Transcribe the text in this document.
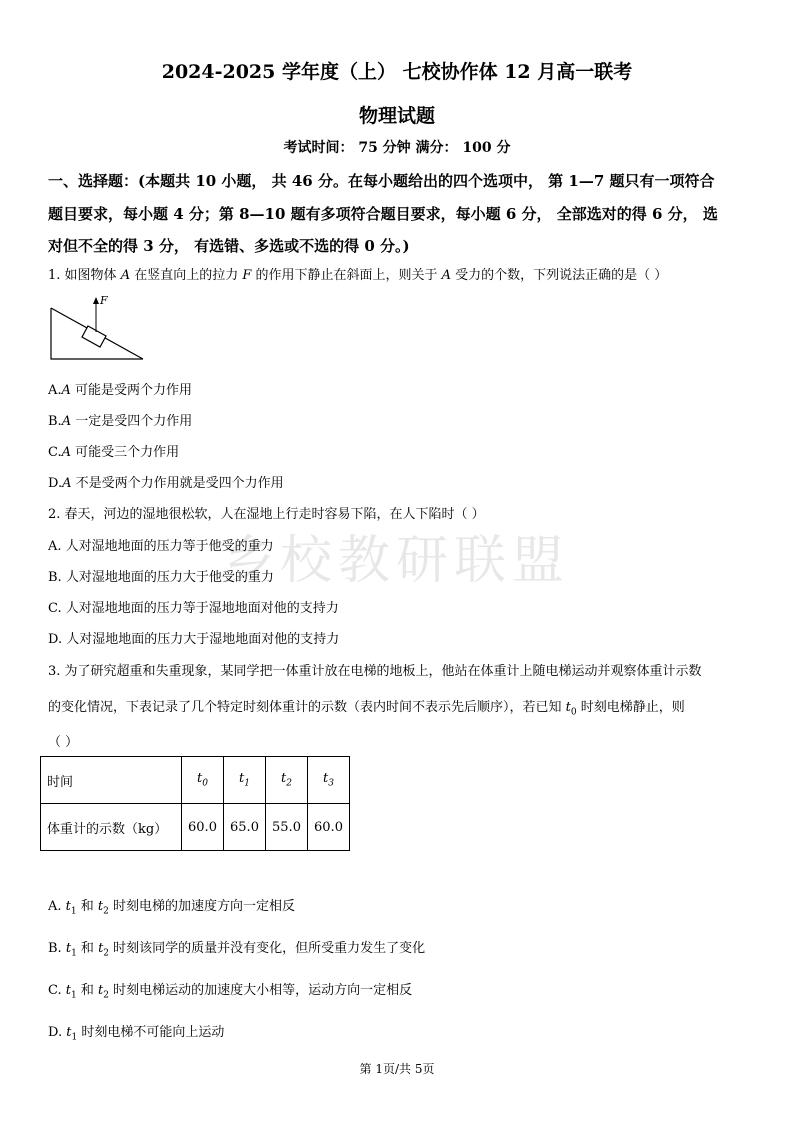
2024-2025 学年度（上） 七校协作体 12 月高一联考
物理试题
考试时间： 75 分钟 满分： 100 分
一、选择题：(本题共 10 小题， 共 46 分。在每小题给出的四个选项中， 第 1—7 题只有一项符合
题目要求，每小题 4 分；第 8—10 题有多项符合题目要求，每小题 6 分， 全部选对的得 6 分， 选
对但不全的得 3 分， 有选错、多选或不选的得 0 分。)
1. 如图物体 A 在竖直向上的拉力 F 的作用下静止在斜面上，则关于 A 受力的个数，下列说法正确的是（ ）
F
A.A 可能是受两个力作用
B.A 一定是受四个力作用
C.A 可能受三个力作用
D.A 不是受两个力作用就是受四个力作用
2. 春天，河边的湿地很松软，人在湿地上行走时容易下陷，在人下陷时（ ）
乡校教研联盟
A. 人对湿地地面的压力等于他受的重力
B. 人对湿地地面的压力大于他受的重力
C. 人对湿地地面的压力等于湿地地面对他的支持力
D. 人对湿地地面的压力大于湿地地面对他的支持力
3. 为了研究超重和失重现象，某同学把一体重计放在电梯的地板上，他站在体重计上随电梯运动并观察体重计示数
的变化情况，下表记录了几个特定时刻体重计的示数（表内时间不表示先后顺序），若已知 $t_0$ 时刻电梯静止，则
（ ）
时间	$t_0$	$t_1$	$t_2$	$t_3$
体重计的示数（kg）	60.0	65.0	55.0	60.0
A. $t_1$ 和 $t_2$ 时刻电梯的加速度方向一定相反
B. $t_1$ 和 $t_2$ 时刻该同学的质量并没有变化，但所受重力发生了变化
C. $t_1$ 和 $t_2$ 时刻电梯运动的加速度大小相等，运动方向一定相反
D. $t_1$ 时刻电梯不可能向上运动
第 1页/共 5页
